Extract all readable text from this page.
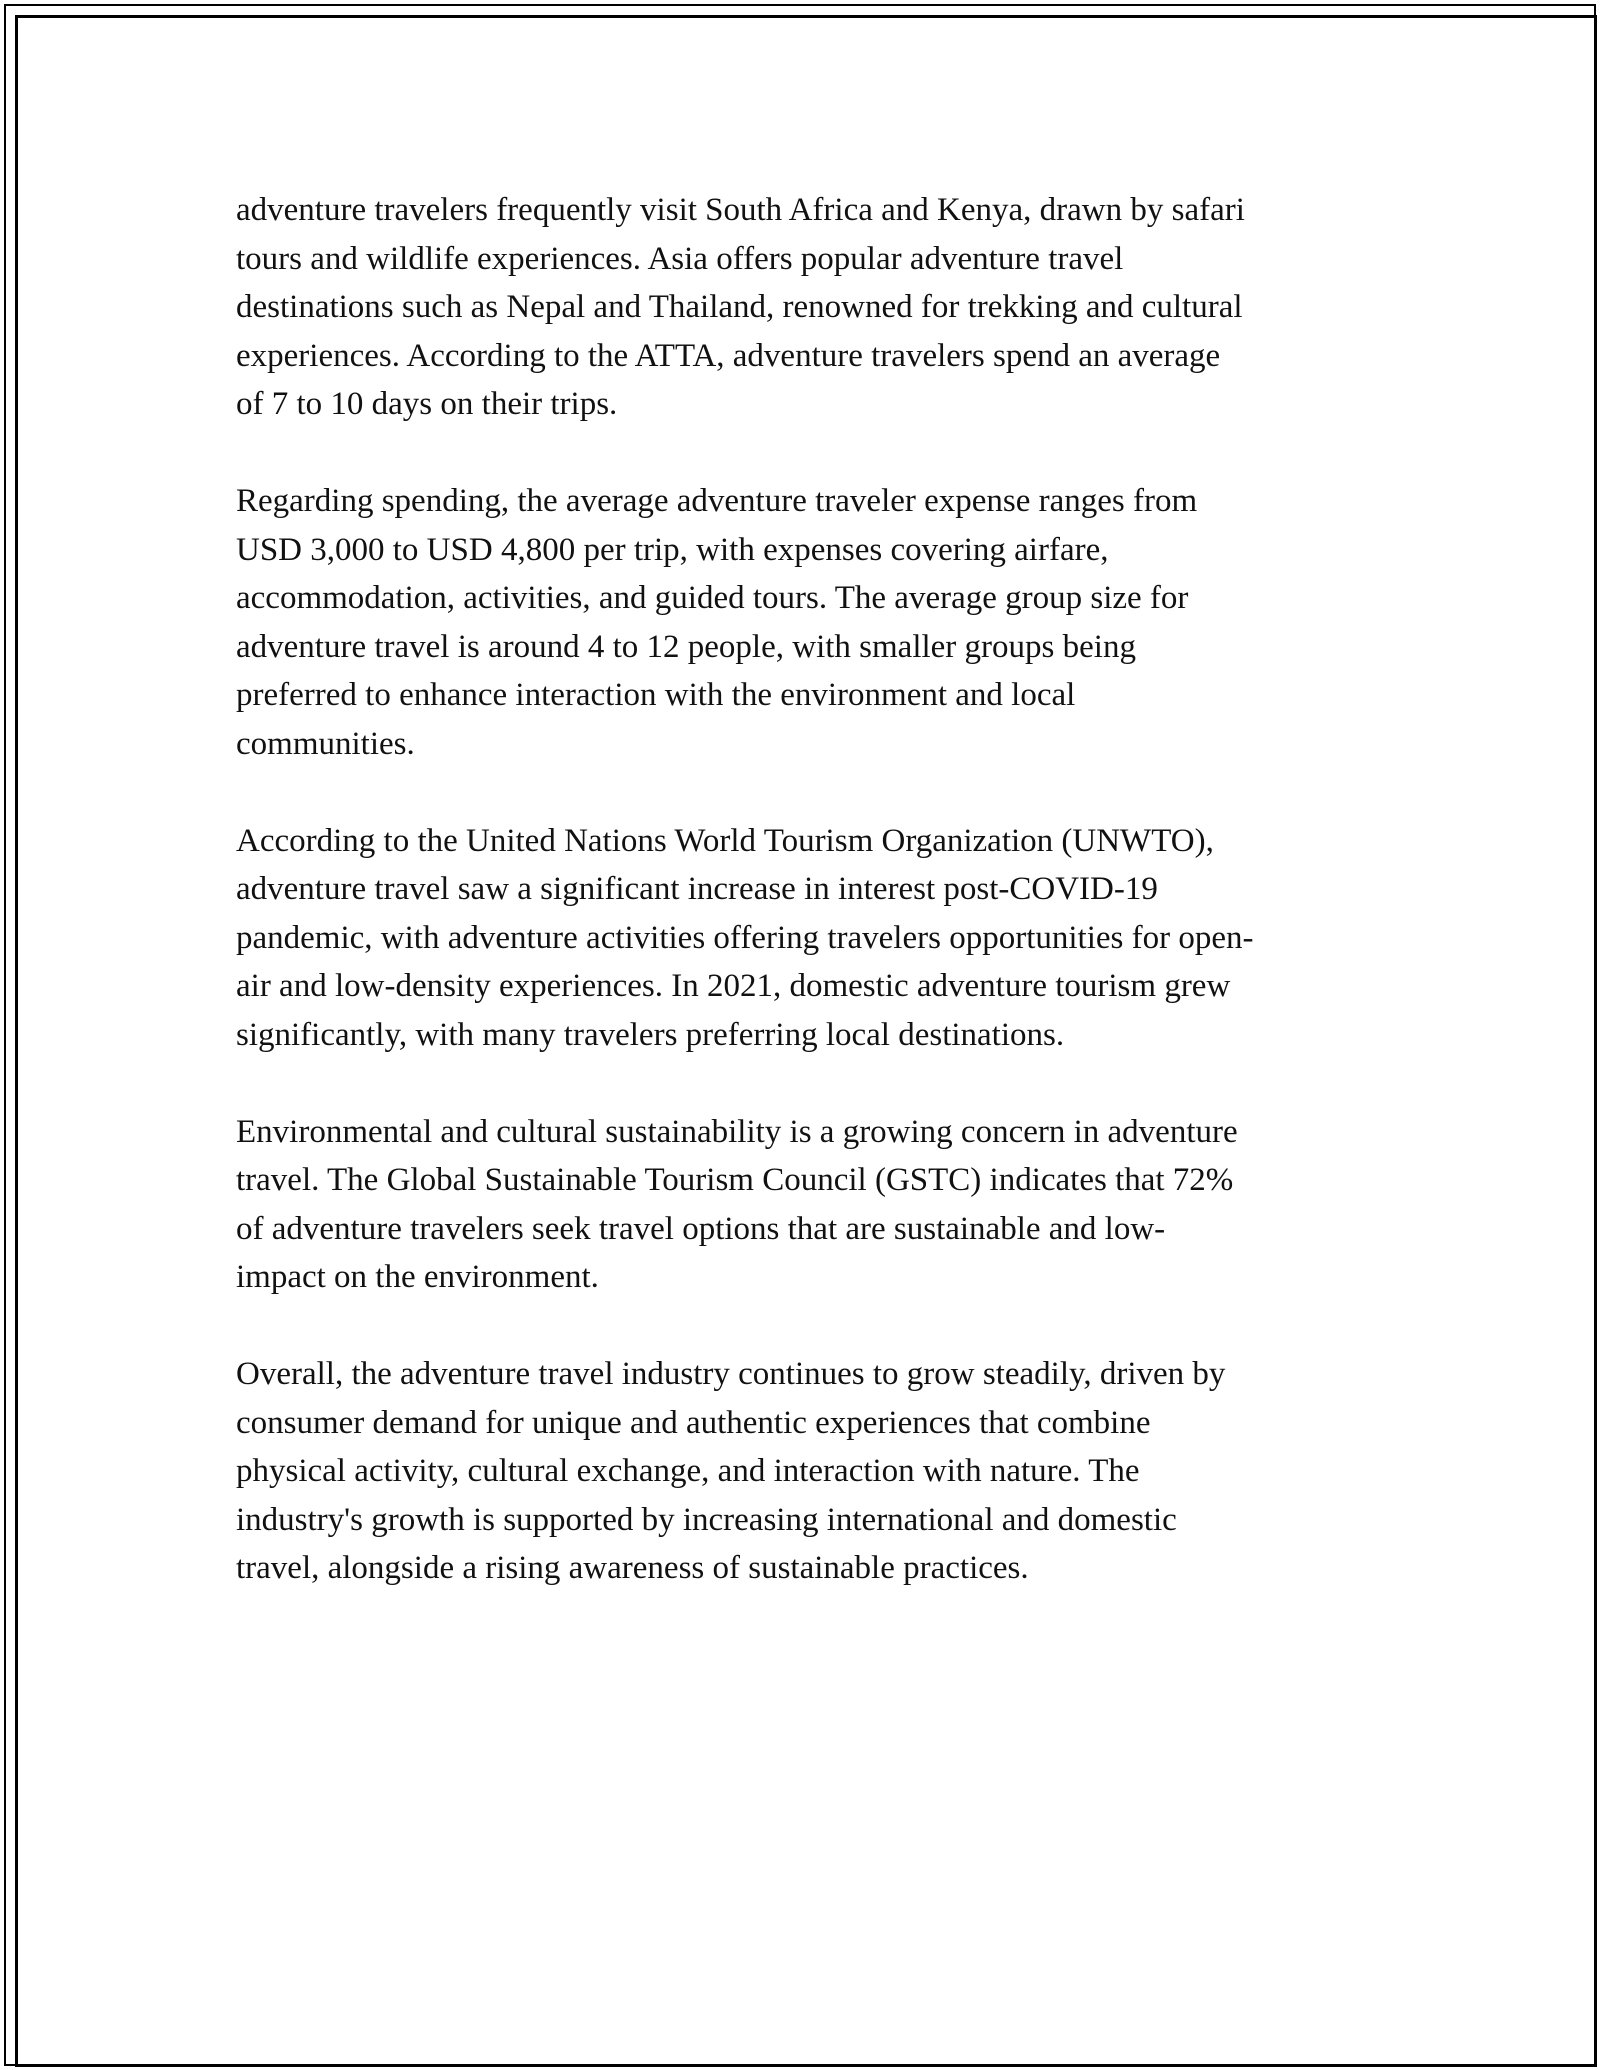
adventure travelers frequently visit South Africa and Kenya, drawn by safari
tours and wildlife experiences. Asia offers popular adventure travel
destinations such as Nepal and Thailand, renowned for trekking and cultural
experiences. According to the ATTA, adventure travelers spend an average
of 7 to 10 days on their trips.

Regarding spending, the average adventure traveler expense ranges from
USD 3,000 to USD 4,800 per trip, with expenses covering airfare,
accommodation, activities, and guided tours. The average group size for
adventure travel is around 4 to 12 people, with smaller groups being
preferred to enhance interaction with the environment and local
communities.

According to the United Nations World Tourism Organization (UNWTO),
adventure travel saw a significant increase in interest post-COVID-19
pandemic, with adventure activities offering travelers opportunities for open-
air and low-density experiences. In 2021, domestic adventure tourism grew
significantly, with many travelers preferring local destinations.

Environmental and cultural sustainability is a growing concern in adventure
travel. The Global Sustainable Tourism Council (GSTC) indicates that 72%
of adventure travelers seek travel options that are sustainable and low-
impact on the environment.

Overall, the adventure travel industry continues to grow steadily, driven by
consumer demand for unique and authentic experiences that combine
physical activity, cultural exchange, and interaction with nature. The
industry's growth is supported by increasing international and domestic
travel, alongside a rising awareness of sustainable practices.
